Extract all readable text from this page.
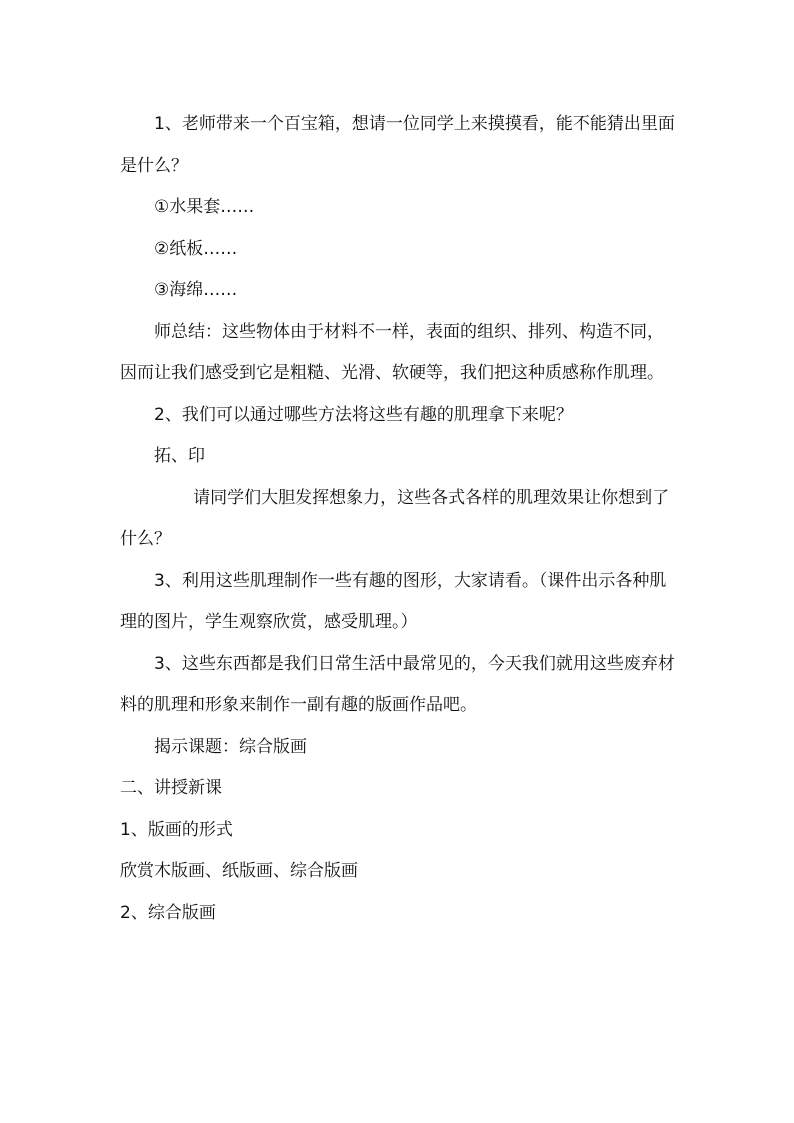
1、老师带来一个百宝箱，想请一位同学上来摸摸看，能不能猜出里面是什么？

①水果套……

②纸板……

③海绵……

师总结：这些物体由于材料不一样，表面的组织、排列、构造不同，因而让我们感受到它是粗糙、光滑、软硬等，我们把这种质感称作肌理。

2、我们可以通过哪些方法将这些有趣的肌理拿下来呢？

拓、印

请同学们大胆发挥想象力，这些各式各样的肌理效果让你想到了什么？

3、利用这些肌理制作一些有趣的图形，大家请看。（课件出示各种肌理的图片，学生观察欣赏，感受肌理。）

3、这些东西都是我们日常生活中最常见的，今天我们就用这些废弃材料的肌理和形象来制作一副有趣的版画作品吧。

揭示课题：综合版画

二、讲授新课

1、版画的形式

欣赏木版画、纸版画、综合版画

2、综合版画
